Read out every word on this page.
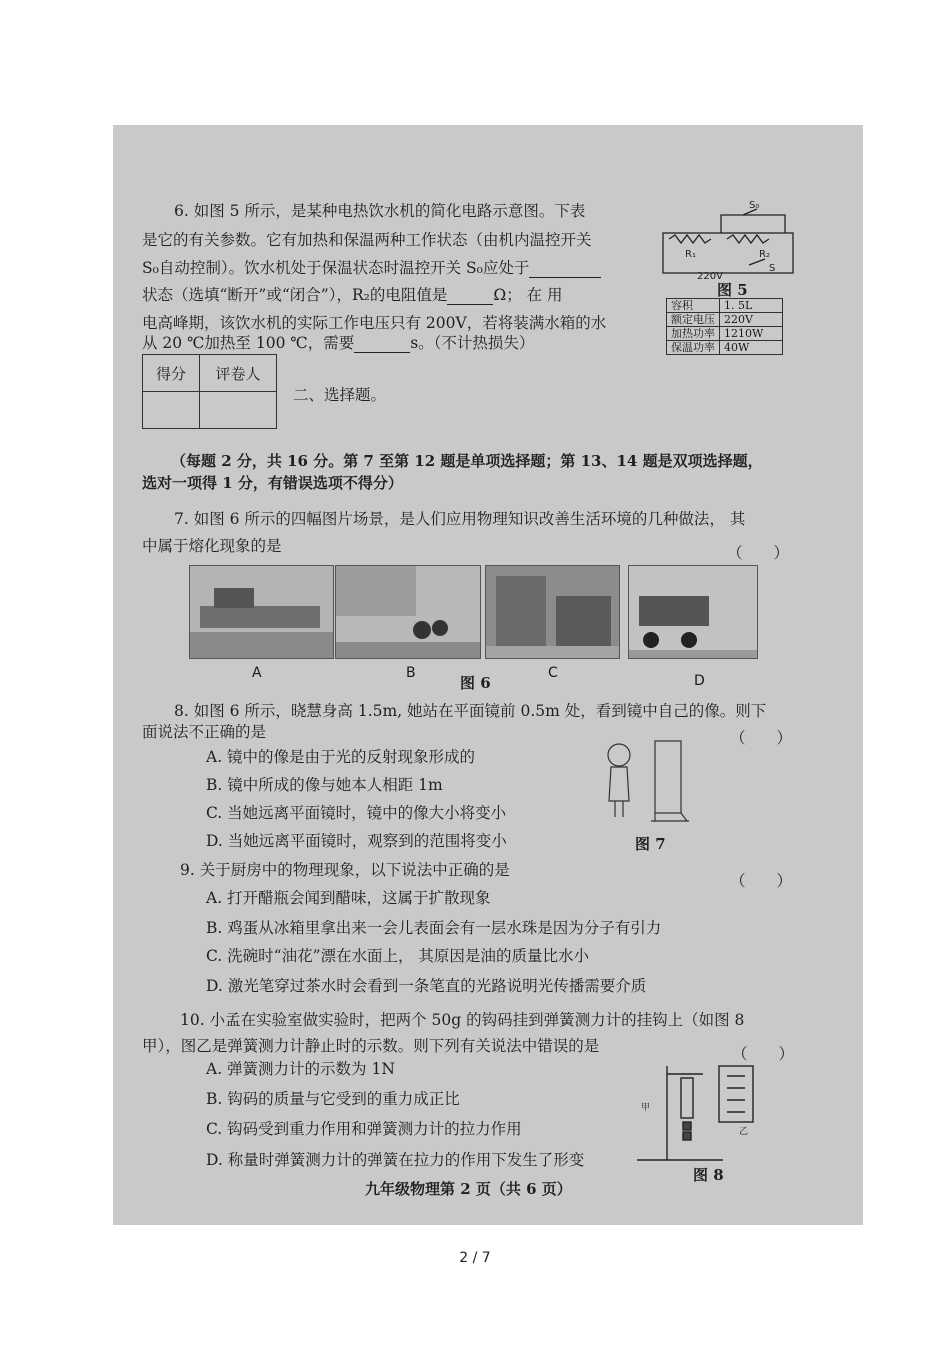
6. 如图 5 所示，是某种电热饮水机的简化电路示意图。下表
是它的有关参数。它有加热和保温两种工作状态（由机内温控开关
S₀自动控制）。饮水机处于保温状态时温控开关 S₀应处于
状态（选填“断开”或“闭合”），R₂的电阻值是	Ω； 在 用
电高峰期，该饮水机的实际工作电压只有 200V，若将装满水箱的水
从 20 ℃加热至 100 ℃，需要	s。（不计热损失）
S₀
R₁	R₂
S
220V
图 5
容积	1. 5L
额定电压	220V
加热功率	1210W
保温功率	40W
得分	评卷人

二、选择题。
（每题 2 分，共 16 分。第 7 至第 12 题是单项选择题；第 13、14 题是双项选择题，
选对一项得 1 分，有错误选项不得分）
7. 如图 6 所示的四幅图片场景，是人们应用物理知识改善生活环境的几种做法， 其
中属于熔化现象的是	（　　）
A	B	C	D
图 6
8. 如图 6 所示，晓慧身高 1.5m, 她站在平面镜前 0.5m 处，看到镜中自己的像。则下
面说法不正确的是	（　　）
A. 镜中的像是由于光的反射现象形成的
B. 镜中所成的像与她本人相距 1m
C. 当她远离平面镜时，镜中的像大小将变小
D. 当她远离平面镜时，观察到的范围将变小	图 7
9. 关于厨房中的物理现象，以下说法中正确的是
（　　）
A. 打开醋瓶会闻到醋味，这属于扩散现象
B. 鸡蛋从冰箱里拿出来一会儿表面会有一层水珠是因为分子有引力
C. 洗碗时“油花”漂在水面上， 其原因是油的质量比水小
D. 激光笔穿过茶水时会看到一条笔直的光路说明光传播需要介质
10. 小孟在实验室做实验时，把两个 50g 的钩码挂到弹簧测力计的挂钩上（如图 8
甲），图乙是弹簧测力计静止时的示数。则下列有关说法中错误的是	（　　）
A. 弹簧测力计的示数为 1N
B. 钩码的质量与它受到的重力成正比
C. 钩码受到重力作用和弹簧测力计的拉力作用
D. 称量时弹簧测力计的弹簧在拉力的作用下发生了形变
甲
乙
图 8
九年级物理第 2 页（共 6 页）
2 / 7
